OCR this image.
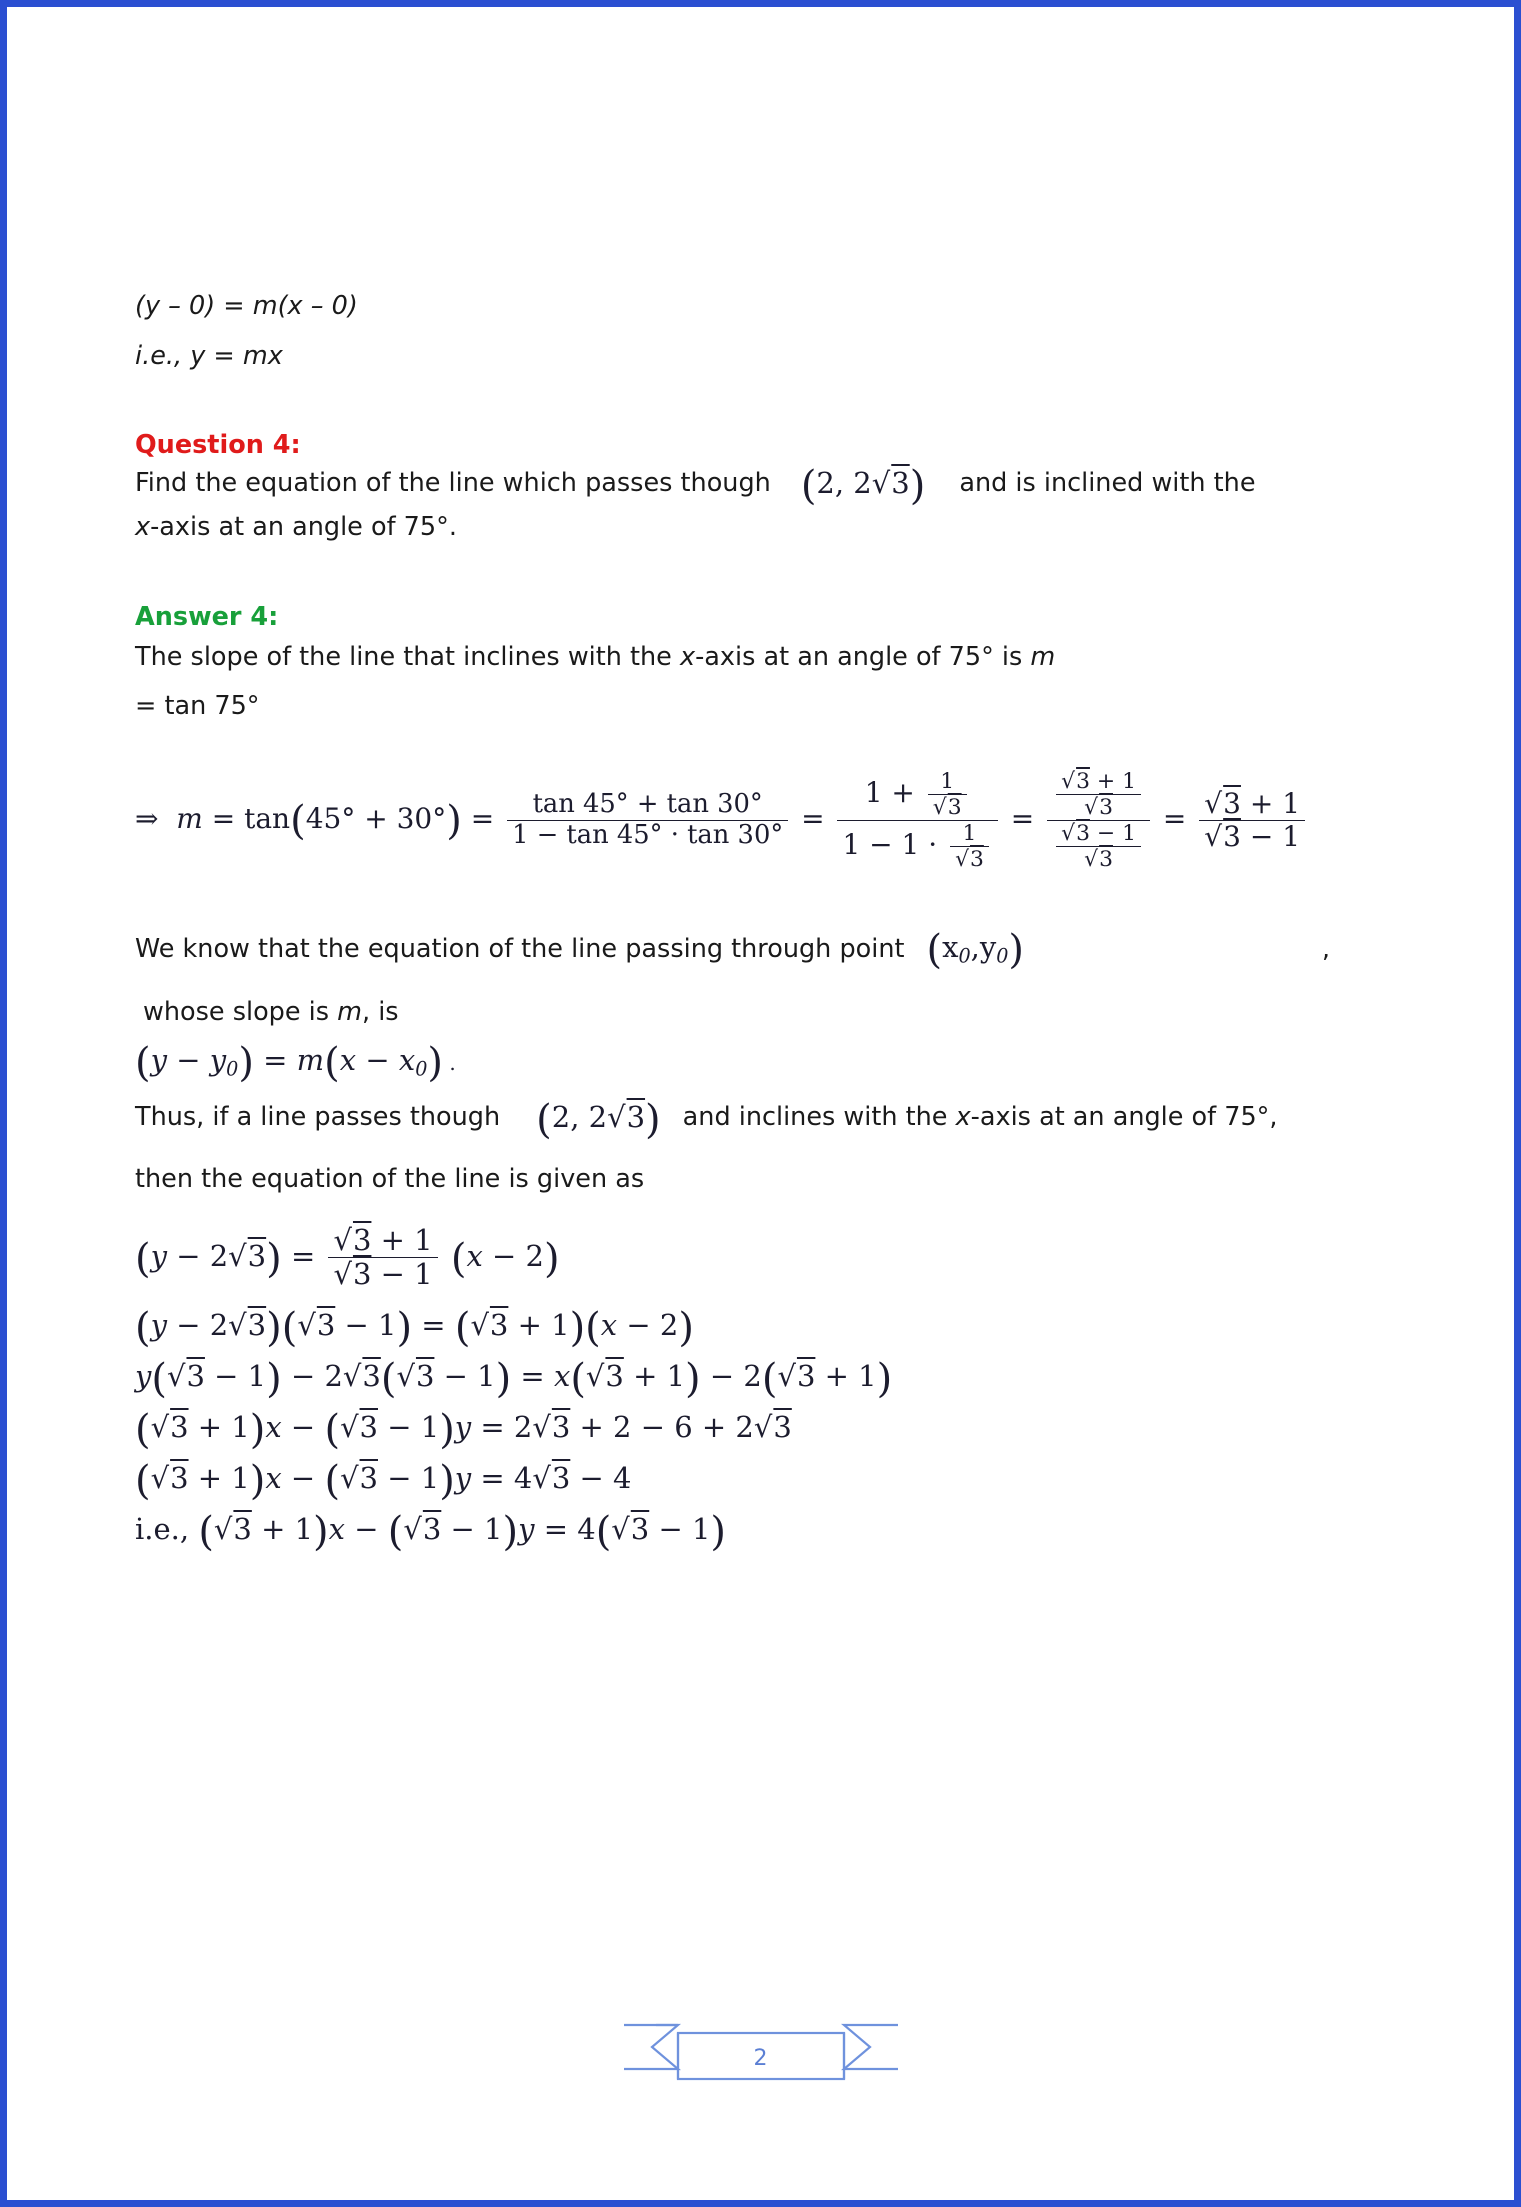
(y – 0) = m(x – 0)

i.e., y = mx

Question 4:
Find the equation of the line which passes though (2, 2√3) and is inclined with the

x-axis at an angle of 75°.

Answer 4:

The slope of the line that inclines with the x-axis at an angle of 75° is m

= tan 75°

⇒  $m = \tan(45^\circ + 30^\circ) = \frac{\tan 45^\circ + \tan 30^\circ}{1 - \tan 45^\circ \cdot \tan 30^\circ} = \frac{1 + \frac{1}{√3}}{1 - 1 \cdot \frac{1}{√3}} = \frac{\frac{√3 + 1}{√3}}{\frac{√3 - 1}{√3}} = \frac{√3 + 1}{√3 - 1}$
We know that the equation of the line passing through point $(x_0,y_0)$	,

whose slope is m, is

$(y - y_0) = m(x - x_0)$ .
Thus, if a line passes though (2, 2√3) and inclines with the x-axis at an angle of 75°,

then the equation of the line is given as

$(y - 2√3) = \frac{√3 + 1}{√3 - 1} (x - 2)$
(y − 2√3)(√3 − 1) = (√3 + 1)(x − 2)
y(√3 − 1) − 2√3(√3 − 1) = x(√3 + 1) − 2(√3 + 1)
(√3 + 1)x − (√3 − 1)y = 2√3 + 2 − 6 + 2√3
(√3 + 1)x − (√3 − 1)y = 4√3 − 4
i.e., (√3 + 1)x − (√3 − 1)y = 4(√3 − 1)
2
